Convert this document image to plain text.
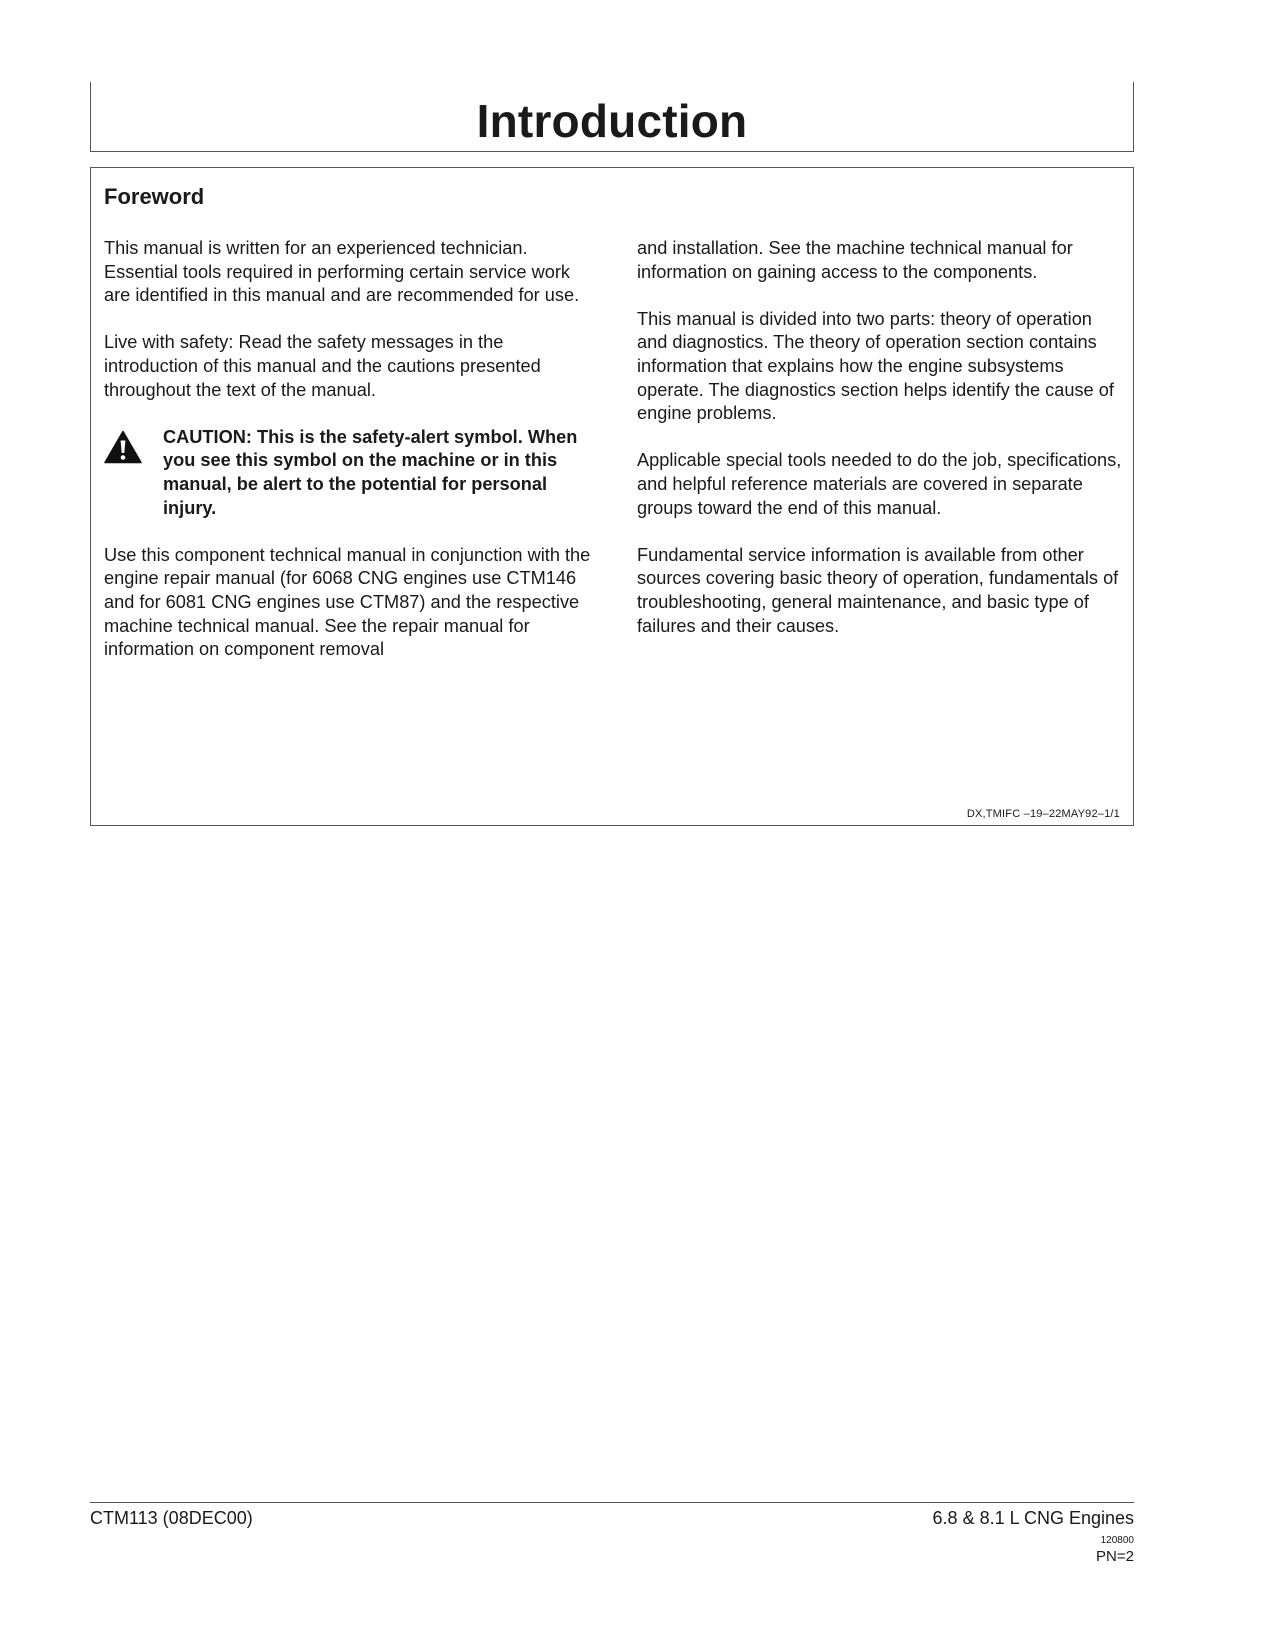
Introduction
Foreword

This manual is written for an experienced technician. Essential tools required in performing certain service work are identified in this manual and are recommended for use.

Live with safety: Read the safety messages in the introduction of this manual and the cautions presented throughout the text of the manual.

CAUTION: This is the safety-alert symbol. When you see this symbol on the machine or in this manual, be alert to the potential for personal injury.

Use this component technical manual in conjunction with the engine repair manual (for 6068 CNG engines use CTM146 and for 6081 CNG engines use CTM87) and the respective machine technical manual. See the repair manual for information on component removal

and installation. See the machine technical manual for information on gaining access to the components.

This manual is divided into two parts: theory of operation and diagnostics. The theory of operation section contains information that explains how the engine subsystems operate. The diagnostics section helps identify the cause of engine problems.

Applicable special tools needed to do the job, specifications, and helpful reference materials are covered in separate groups toward the end of this manual.

Fundamental service information is available from other sources covering basic theory of operation, fundamentals of troubleshooting, general maintenance, and basic type of failures and their causes.

DX,TMIFC –19–22MAY92–1/1
CTM113 (08DEC00)	6.8 & 8.1 L CNG Engines
120800
PN=2
